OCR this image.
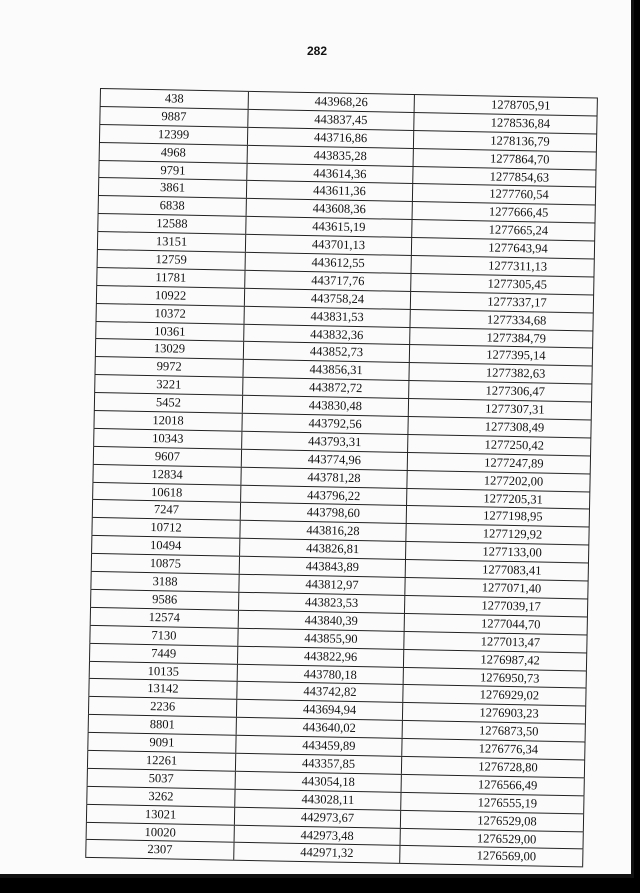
282
438	443968,26	1278705,91
9887	443837,45	1278536,84
12399	443716,86	1278136,79
4968	443835,28	1277864,70
9791	443614,36	1277854,63
3861	443611,36	1277760,54
6838	443608,36	1277666,45
12588	443615,19	1277665,24
13151	443701,13	1277643,94
12759	443612,55	1277311,13
11781	443717,76	1277305,45
10922	443758,24	1277337,17
10372	443831,53	1277334,68
10361	443832,36	1277384,79
13029	443852,73	1277395,14
9972	443856,31	1277382,63
3221	443872,72	1277306,47
5452	443830,48	1277307,31
12018	443792,56	1277308,49
10343	443793,31	1277250,42
9607	443774,96	1277247,89
12834	443781,28	1277202,00
10618	443796,22	1277205,31
7247	443798,60	1277198,95
10712	443816,28	1277129,92
10494	443826,81	1277133,00
10875	443843,89	1277083,41
3188	443812,97	1277071,40
9586	443823,53	1277039,17
12574	443840,39	1277044,70
7130	443855,90	1277013,47
7449	443822,96	1276987,42
10135	443780,18	1276950,73
13142	443742,82	1276929,02
2236	443694,94	1276903,23
8801	443640,02	1276873,50
9091	443459,89	1276776,34
12261	443357,85	1276728,80
5037	443054,18	1276566,49
3262	443028,11	1276555,19
13021	442973,67	1276529,08
10020	442973,48	1276529,00
2307	442971,32	1276569,00
